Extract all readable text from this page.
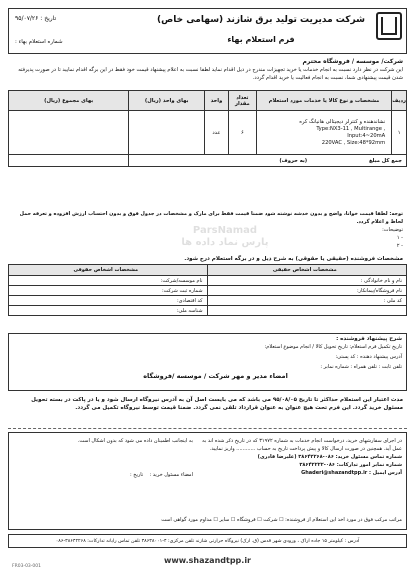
شرکت مدیریت تولید برق شازند (سهامی خاص)
فرم استعلام بهاء
تاریخ : ۹۵/۰۷/۲۶
شماره استعلام بهاء :
شرکت/ موسسه / فروشگاه محترم
این شرکت در نظر دارد نسبت به انجام خدمات یا خرید تجهیزات مندرج در ذیل اقدام نماید لطفا نسبت به اعلام پیشنهاد قیمت خود فقط در این برگه اقدام نمایید تا در صورت پذیرفته شدن قیمت پیشنهادی شما، نسبت به انجام فعالیت یا خرید اقدام گردد.
ردیف	مشخصات و نوع کالا یا خدمات مورد استعلام	تعداد مقدار	واحد	بهای واحد (ریال)	بهای مجموع (ریال)
۱	نشاندهنده و کنترلر دیجیتالی هانیانگ کره
Type:NX3-11 , Multirange ,
Input:4~20mA
220VAC , Size:48*92mm	۶	عدد		
جمع کل مبلغ (به حروف)					
توجه: لطفا قیمت خوانا، واضح و بدون خدشه نوشته شود ضمنا قیمت فقط برای مارک و مشخصات در جدول فوق و بدون احتساب ارزش افزوده و تعرفه حمل لحاظ و اعلام گردد.
توضیحات:
- ۱
- ۲
ParsNamad
پارس نماد داده ها
مشخصات فروشنده (حقیقی یا حقوقی) به شرح ذیل و در برگه استعلام درج شود.
مشخصات اشخاص حقیقی	مشخصات اشخاص حقوقی
نام و نام خانوادگی :	نام موسسه/شرکت:
نام فروشگاه/پیمانکار:	شماره ثبت شرکت:
کد ملی :	کد اقتصادی:
	شناسه ملی:
شرح پیشنهاد فروشنده :
تاریخ تکمیل فرم استعلام: تاریخ تحویل کالا / انجام موضوع استعلام:
آدرس پیشنهاد دهنده : کد پستی:
تلفن ثابت : تلفن همراه : شماره نمابر :
امضاء مدیر و مهر شرکت / موسسه /فروشگاه
مدت اعتبار این استعلام حداکثر تا تاریخ ۹۵/۰۸/۰۵ می باشد که می بایست اصل آن به آدرس نیروگاه ارسال شود و یا در پاکت در بسته تحویل مسئول خرید گردد. این فرم تحت هیچ عنوان به عنوان قرارداد تلقی نمی گردد. ضمنا قیمت توسط نیروگاه تکمیل می گردد.
در اجرای سفارشهای خرید، درخواست انجام خدمات به شماره ۳۱۹۷۲ که در تاریخ ذکر شده اند به عمل آید. همچنین در صورت ارسال کالا و پیش پرداخت تاریخ به حساب ............ واریز نمایید.
شماره تماس مسئول خرید: ۰۸۶-۳۸۶۴۲۲۶۸ (علیرضا قادری)
شماره نمابر امور تدارکات: ۰۸۶-۳۸۶۴۲۲۲۲
آدرس ایمیل : Ghaderi@shazandtpp.ir
به اینجانب اطمینان داده می شود که بدون اشکال است.
امضاء مسئول خرید :    تاریخ :
مراتب مرکب فوق در مورد اخذ این استعلام از فروشنده: ☐ شرکت ☐ فروشگاه ☐ سایر ☐ مداوم مورد گواهی است
آدرس : کیلومتر ۱۵ جاده اراک ، ورودی شهر قدس (ق. ارک) نیروگاه حرارتی شازند تلفن مرکزی: ۴-۳۸۶۳۸۰۰۱ تلفن تماس رایانه تدارکات: ۳۸۶۴۲۲۶۸-۰۸۶
www.shazandtpp.ir
FR03-03-001
